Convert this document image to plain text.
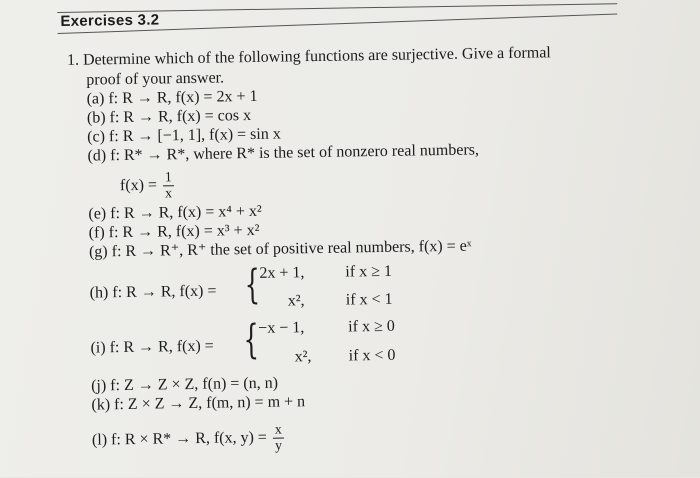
Exercises 3.2
1. Determine which of the following functions are surjective. Give a formal
proof of your answer.
(a) f: R → R, f(x) = 2x + 1
(b) f: R → R, f(x) = cos x
(c) f: R → [−1, 1], f(x) = sin x
(d) f: R* → R*, where R* is the set of nonzero real numbers,
$f(x) = \frac{1}{x}$
(e) f: R → R, f(x) = x⁴ + x²
(f) f: R → R, f(x) = x³ + x²
(g) f: R → R⁺, R⁺ the set of positive real numbers, f(x) = eˣ
(h) f: R → R, f(x) = {
2x + 1,	if x ≥ 1
x²,	if x < 1
(i) f: R → R, f(x) = {
−x − 1,	if x ≥ 0
x², if x < 0
(j) f: Z → Z × Z, f(n) = (n, n)
(k) f: Z × Z → Z, f(m, n) = m + n
(l) f: R × R* → R, f(x, $y) = \frac{x}{y}$
